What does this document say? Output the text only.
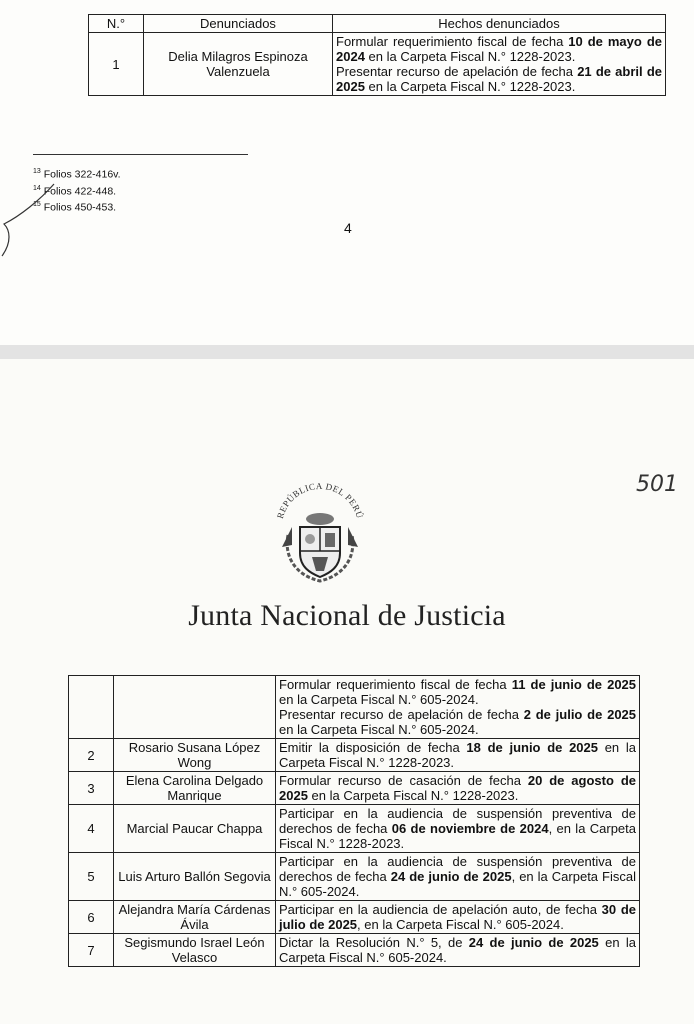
N.°	Denunciados	Hechos denunciados
1	Delia Milagros Espinoza Valenzuela	Formular requerimiento fiscal de fecha 10 de mayo de 2024 en la Carpeta Fiscal N.° 1228-2023.

Presentar recurso de apelación de fecha 21 de abril de 2025 en la Carpeta Fiscal N.° 1228-2023.

$^{13}$ Folios 322-416v.
$^{14}$ Folios 422-448.
$^{15}$ Folios 450-453.
4
501
REPÚBLICA DEL PERÚ
Junta Nacional de Justicia

		Formular requerimiento fiscal de fecha 11 de junio de 2025 en la Carpeta Fiscal N.° 605-2024.

Presentar recurso de apelación de fecha 2 de julio de 2025 en la Carpeta Fiscal N.° 605-2024.

2	Rosario Susana López Wong	Emitir la disposición de fecha 18 de junio de 2025 en la Carpeta Fiscal N.° 1228-2023.

3	Elena Carolina Delgado Manrique	Formular recurso de casación de fecha 20 de agosto de 2025 en la Carpeta Fiscal N.° 1228-2023.

4	Marcial Paucar Chappa	Participar en la audiencia de suspensión preventiva de derechos de fecha 06 de noviembre de 2024, en la Carpeta Fiscal N.° 1228-2023.

5	Luis Arturo Ballón Segovia	Participar en la audiencia de suspensión preventiva de derechos de fecha 24 de junio de 2025, en la Carpeta Fiscal N.° 605-2024.

6	Alejandra María Cárdenas Ávila	Participar en la audiencia de apelación auto, de fecha 30 de julio de 2025, en la Carpeta Fiscal N.° 605-2024.

7	Segismundo Israel León Velasco	Dictar la Resolución N.° 5, de 24 de junio de 2025 en la Carpeta Fiscal N.° 605-2024.
